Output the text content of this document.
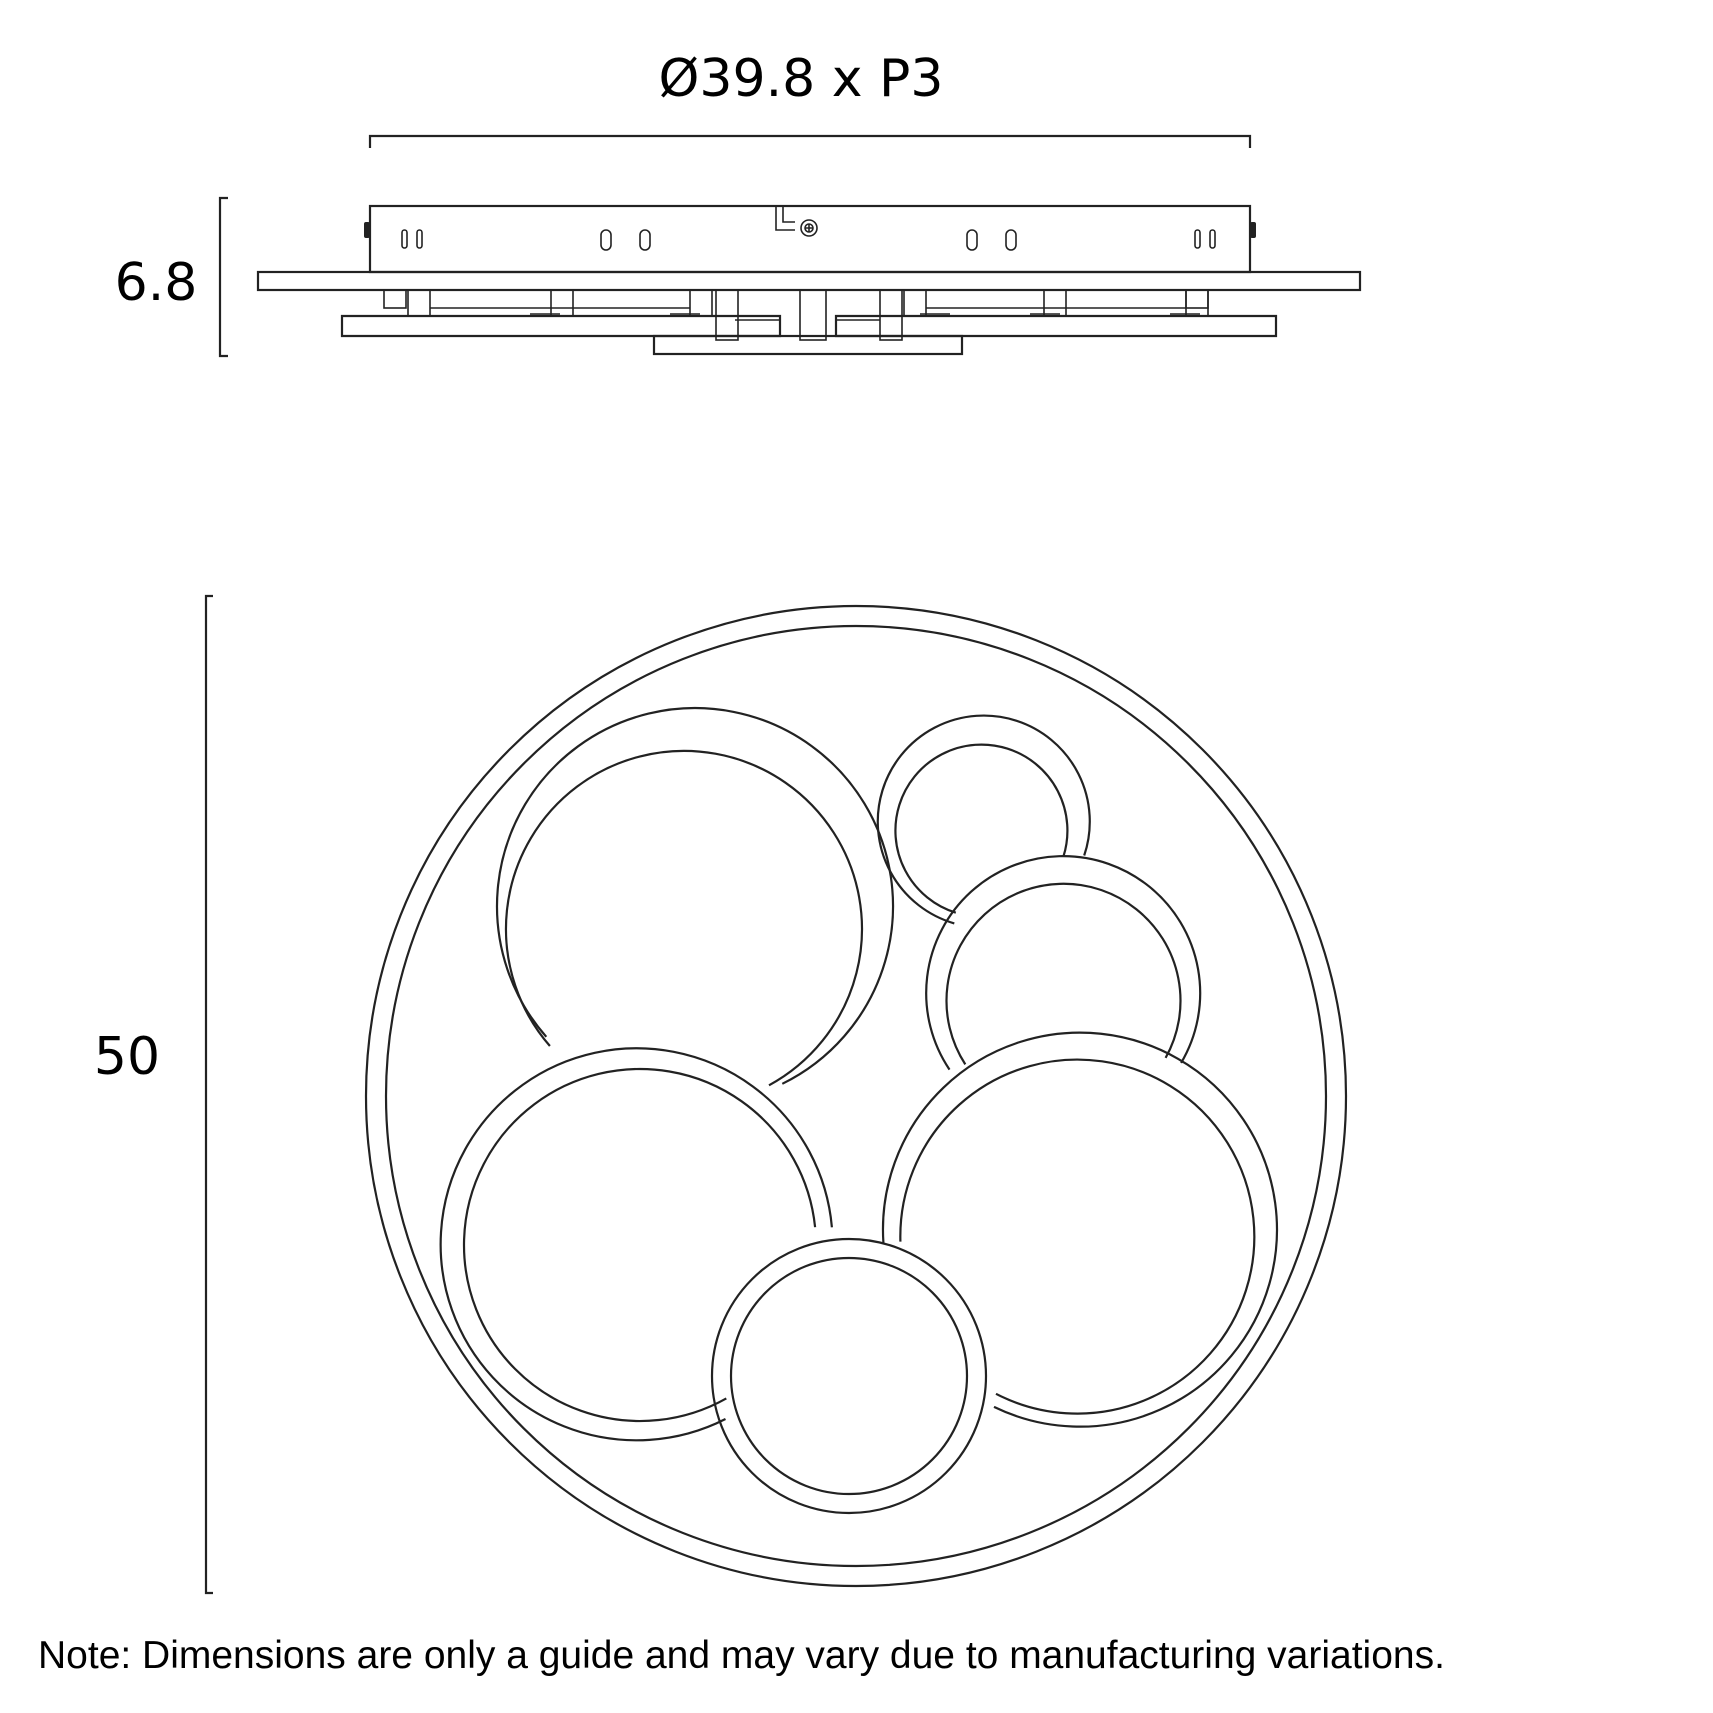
Ø39.8 x P3
6.8
50
Note: Dimensions are only a guide and may vary due to manufacturing variations.
